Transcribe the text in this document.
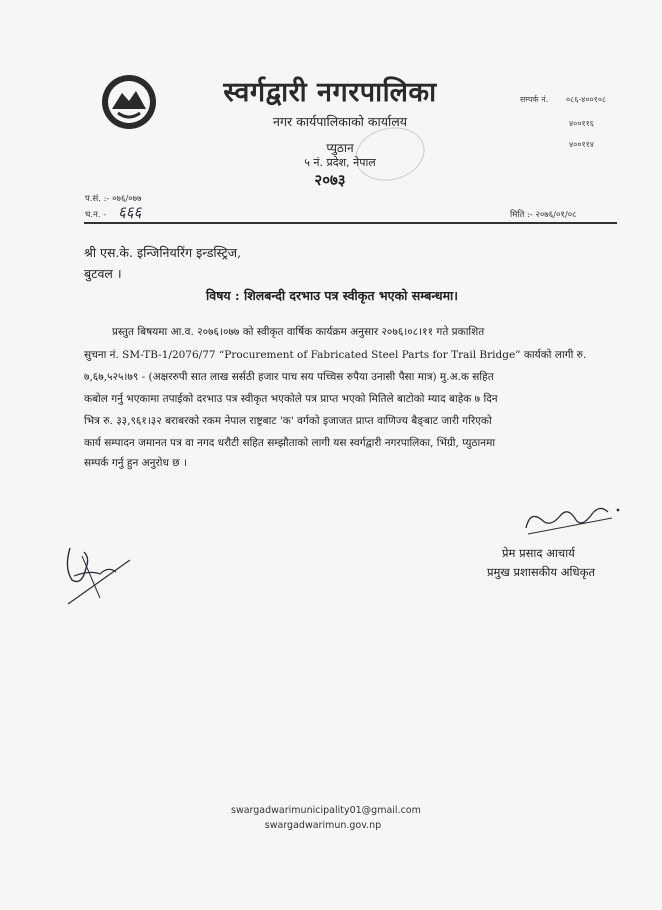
स्वर्गद्वारी नगरपालिका
नगर कार्यपालिकाको कार्यालय
प्युठान
५ नं. प्रदेश, नेपाल
२०७३
सम्पर्क नं. ०८६-४००१०८
४००११६
४००११४
प.सं. :- ०७६/०७७
च.न. - ६६६	मिति :- २०७६/०१/०८
श्री एस.के. इन्जिनियरिंग इन्डस्ट्रिज,
बुटवल ।
विषय : शिलबन्दी दरभाउ पत्र स्वीकृत भएको सम्बन्धमा।
प्रस्तुत बिषयमा आ.व. २०७६।०७७ को स्वीकृत वार्षिक कार्यक्रम अनुसार २०७६।०८।११ गते प्रकाशित
सुचना नं. SM-TB-1/2076/77 “Procurement of Fabricated Steel Parts for Trail Bridge” कार्यको लागी रु.
७,६७,५२५।७९ - (अक्षररुपी सात लाख सर्सठी हजार पाच सय पच्चिस रुपैया उनासी पैसा मात्र) मु.अ.क सहित
कबोल गर्नु भएकामा तपाईको दरभाउ पत्र स्वीकृत भएकोले पत्र प्राप्त भएको मितिले बाटोको म्याद बाहेक ७ दिन
भित्र रु. ३३,९६१।३२ बराबरको रकम नेपाल राष्ट्रबाट 'क' वर्गको इजाजत प्राप्त वाणिज्य बैङ्बाट जारी गरिएको
कार्य सम्पादन जमानत पत्र वा नगद धरौटी सहित सम्झौताको लागी यस स्वर्गद्वारी नगरपालिका, भिंग्री, प्युठानमा
सम्पर्क गर्नु हुन अनुरोध छ ।
प्रेम प्रसाद आचार्य
प्रमुख प्रशासकीय अधिकृत
swargadwarimunicipality01@gmail.com
swargadwarimun.gov.np
